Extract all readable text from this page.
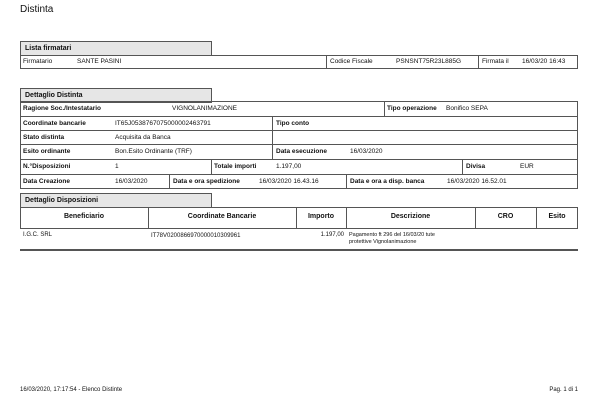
Distinta
Lista firmatari
Firmatario	SANTE PASINI	Codice Fiscale	PSNSNT75R23L885G	Firmata il 16/03/20 16:43
Dettaglio Distinta
Ragione Soc./Intestatario	VIGNOLANIMAZIONE	Tipo operazione Bonifico SEPA
Coordinate bancarie	IT65J0538767075000002463791	Tipo conto
Stato distinta	Acquisita da Banca
Esito ordinante	Bon.Esito Ordinante (TRF)	Data esecuzione	16/03/2020
N.°Disposizioni	1	Totale importi	1.197,00	Divisa	EUR
Data Creazione	16/03/2020	Data e ora spedizione	16/03/2020 16.43.16	Data e ora a disp. banca	16/03/2020 16.52.01
Dettaglio Disposizioni
Beneficiario	Coordinate Bancarie	Importo	Descrizione	CRO	Esito
I.G.C. SRL	IT78V0200866970000010309961	1.197,00 Pagamento ft 296 del 16/03/20 tute
protettive Vignolanimazione
16/03/2020, 17:17:54 - Elenco Distinte	Pag. 1 di 1
